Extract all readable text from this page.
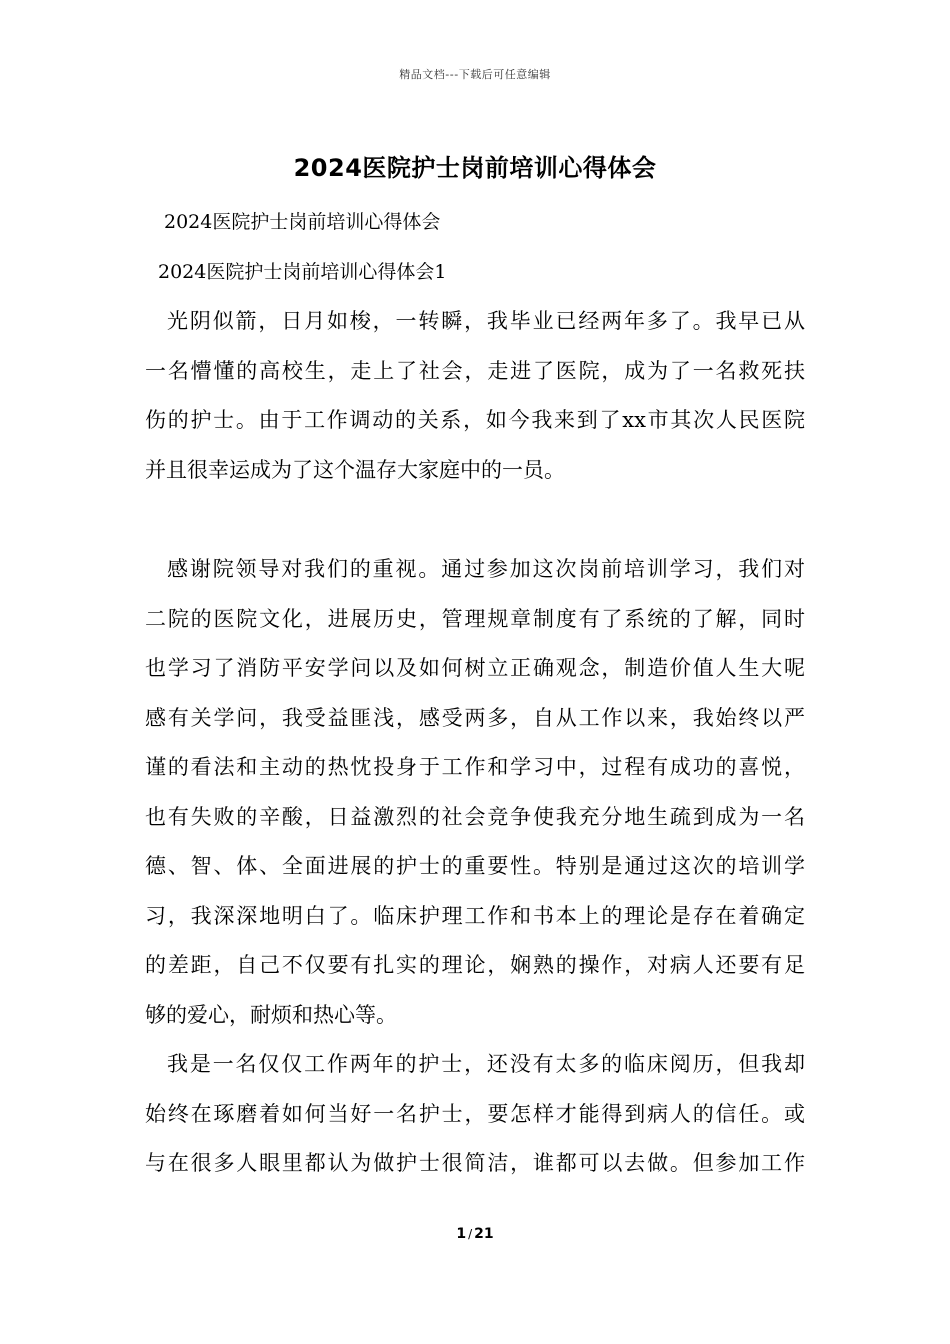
精品文档---下载后可任意编辑
2024医院护士岗前培训心得体会
2024医院护士岗前培训心得体会
2024医院护士岗前培训心得体会1
光阴似箭，日月如梭，一转瞬，我毕业已经两年多了。我早已从
一名懵懂的高校生，走上了社会，走进了医院，成为了一名救死扶
伤的护士。由于工作调动的关系，如今我来到了xx市其次人民医院
并且很幸运成为了这个温存大家庭中的一员。
感谢院领导对我们的重视。通过参加这次岗前培训学习，我们对
二院的医院文化，进展历史，管理规章制度有了系统的了解，同时
也学习了消防平安学问以及如何树立正确观念，制造价值人生大呢
感有关学问，我受益匪浅，感受两多，自从工作以来，我始终以严
谨的看法和主动的热忱投身于工作和学习中，过程有成功的喜悦，
也有失败的辛酸，日益激烈的社会竞争使我充分地生疏到成为一名
德、智、体、全面进展的护士的重要性。特别是通过这次的培训学
习，我深深地明白了。临床护理工作和书本上的理论是存在着确定
的差距，自己不仅要有扎实的理论，娴熟的操作，对病人还要有足
够的爱心，耐烦和热心等。
我是一名仅仅工作两年的护士，还没有太多的临床阅历，但我却
始终在琢磨着如何当好一名护士，要怎样才能得到病人的信任。或
与在很多人眼里都认为做护士很简洁，谁都可以去做。但参加工作
1 / 21
